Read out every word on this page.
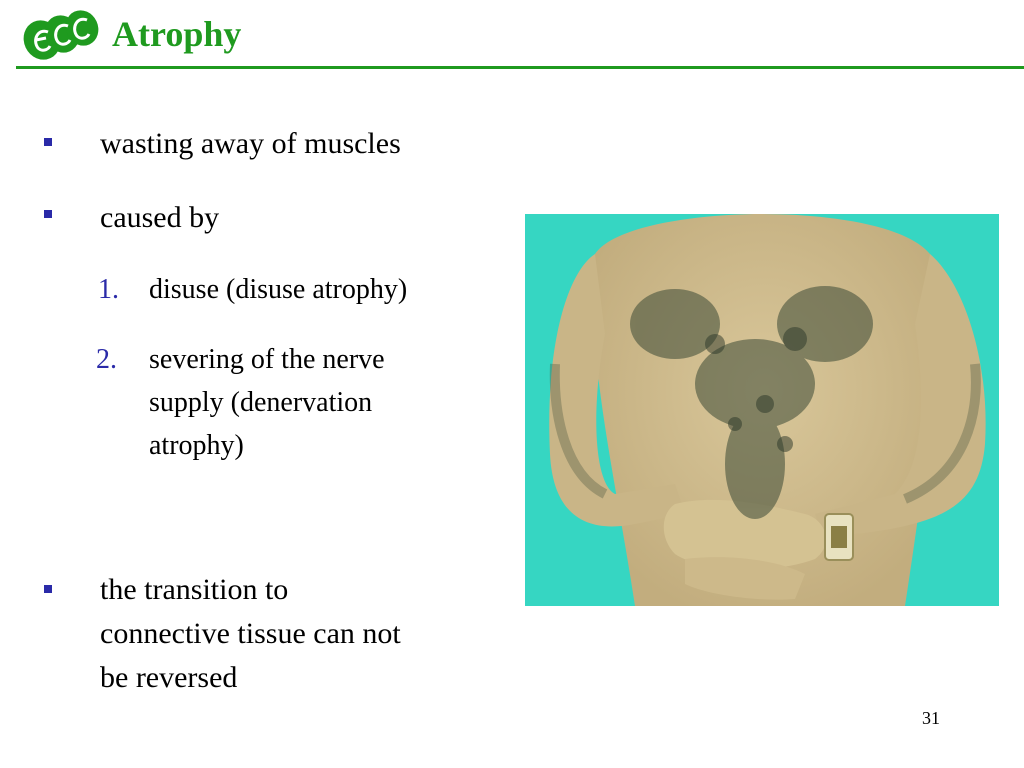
Atrophy
wasting away of muscles
caused by
1. disuse (disuse atrophy)
2. severing of the nerve
supply (denervation
atrophy)
the transition to
connective tissue can not
be reversed
31
